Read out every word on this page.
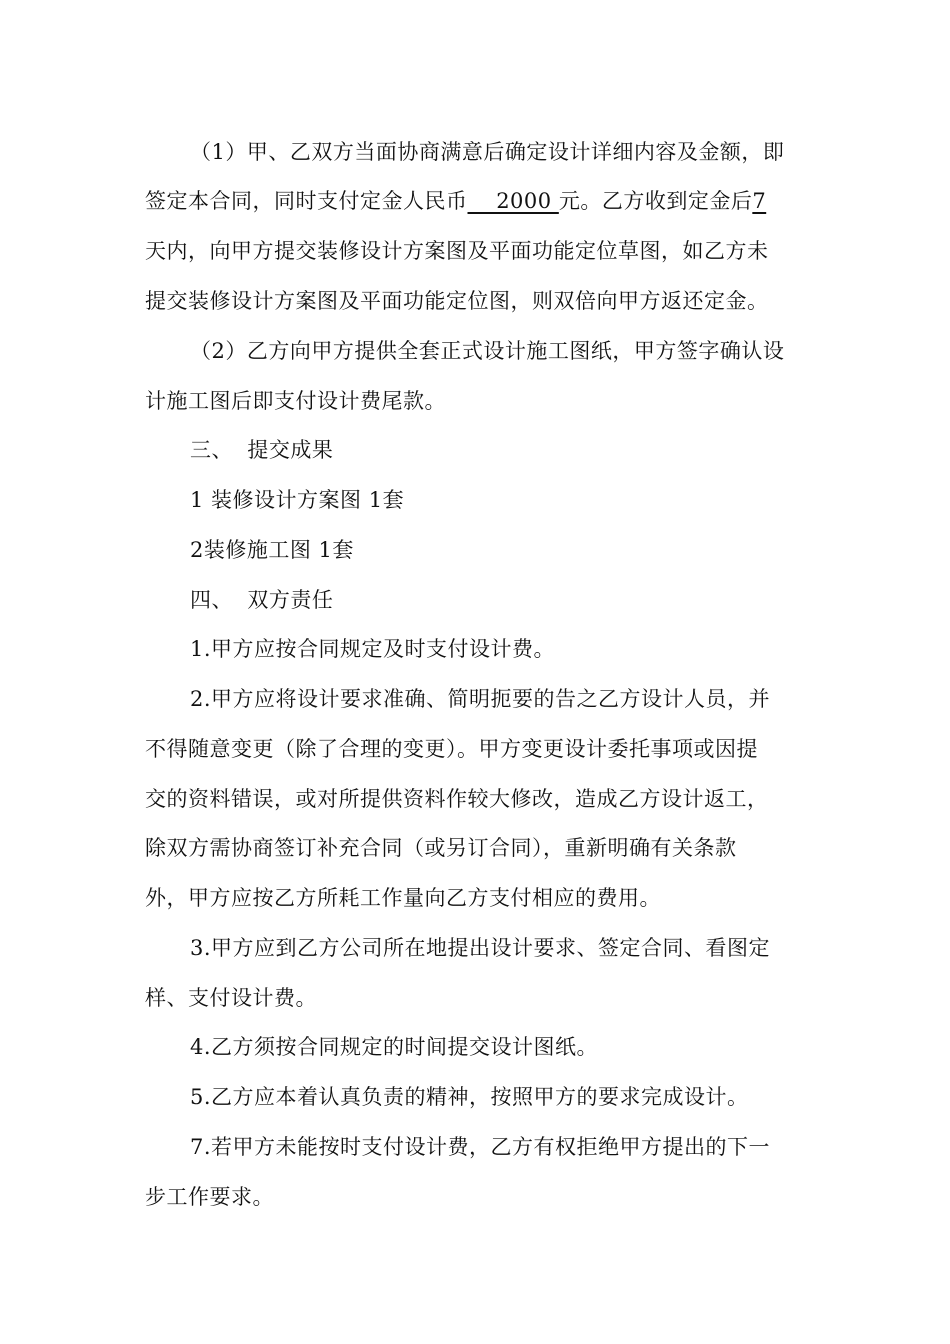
（1）甲、乙双方当面协商满意后确定设计详细内容及金额，即
签定本合同，同时支付定金人民币    2000 元。乙方收到定金后7
天内，向甲方提交装修设计方案图及平面功能定位草图，如乙方未
提交装修设计方案图及平面功能定位图，则双倍向甲方返还定金。
（2）乙方向甲方提供全套正式设计施工图纸，甲方签字确认设
计施工图后即支付设计费尾款。
三、  提交成果
1 装修设计方案图 1套
2装修施工图 1套
四、  双方责任
1.甲方应按合同规定及时支付设计费。
2.甲方应将设计要求准确、简明扼要的告之乙方设计人员，并
不得随意变更（除了合理的变更）。甲方变更设计委托事项或因提
交的资料错误，或对所提供资料作较大修改，造成乙方设计返工，
除双方需协商签订补充合同（或另订合同），重新明确有关条款
外，甲方应按乙方所耗工作量向乙方支付相应的费用。
3.甲方应到乙方公司所在地提出设计要求、签定合同、看图定
样、支付设计费。
4.乙方须按合同规定的时间提交设计图纸。
5.乙方应本着认真负责的精神，按照甲方的要求完成设计。
7.若甲方未能按时支付设计费，乙方有权拒绝甲方提出的下一
步工作要求。
